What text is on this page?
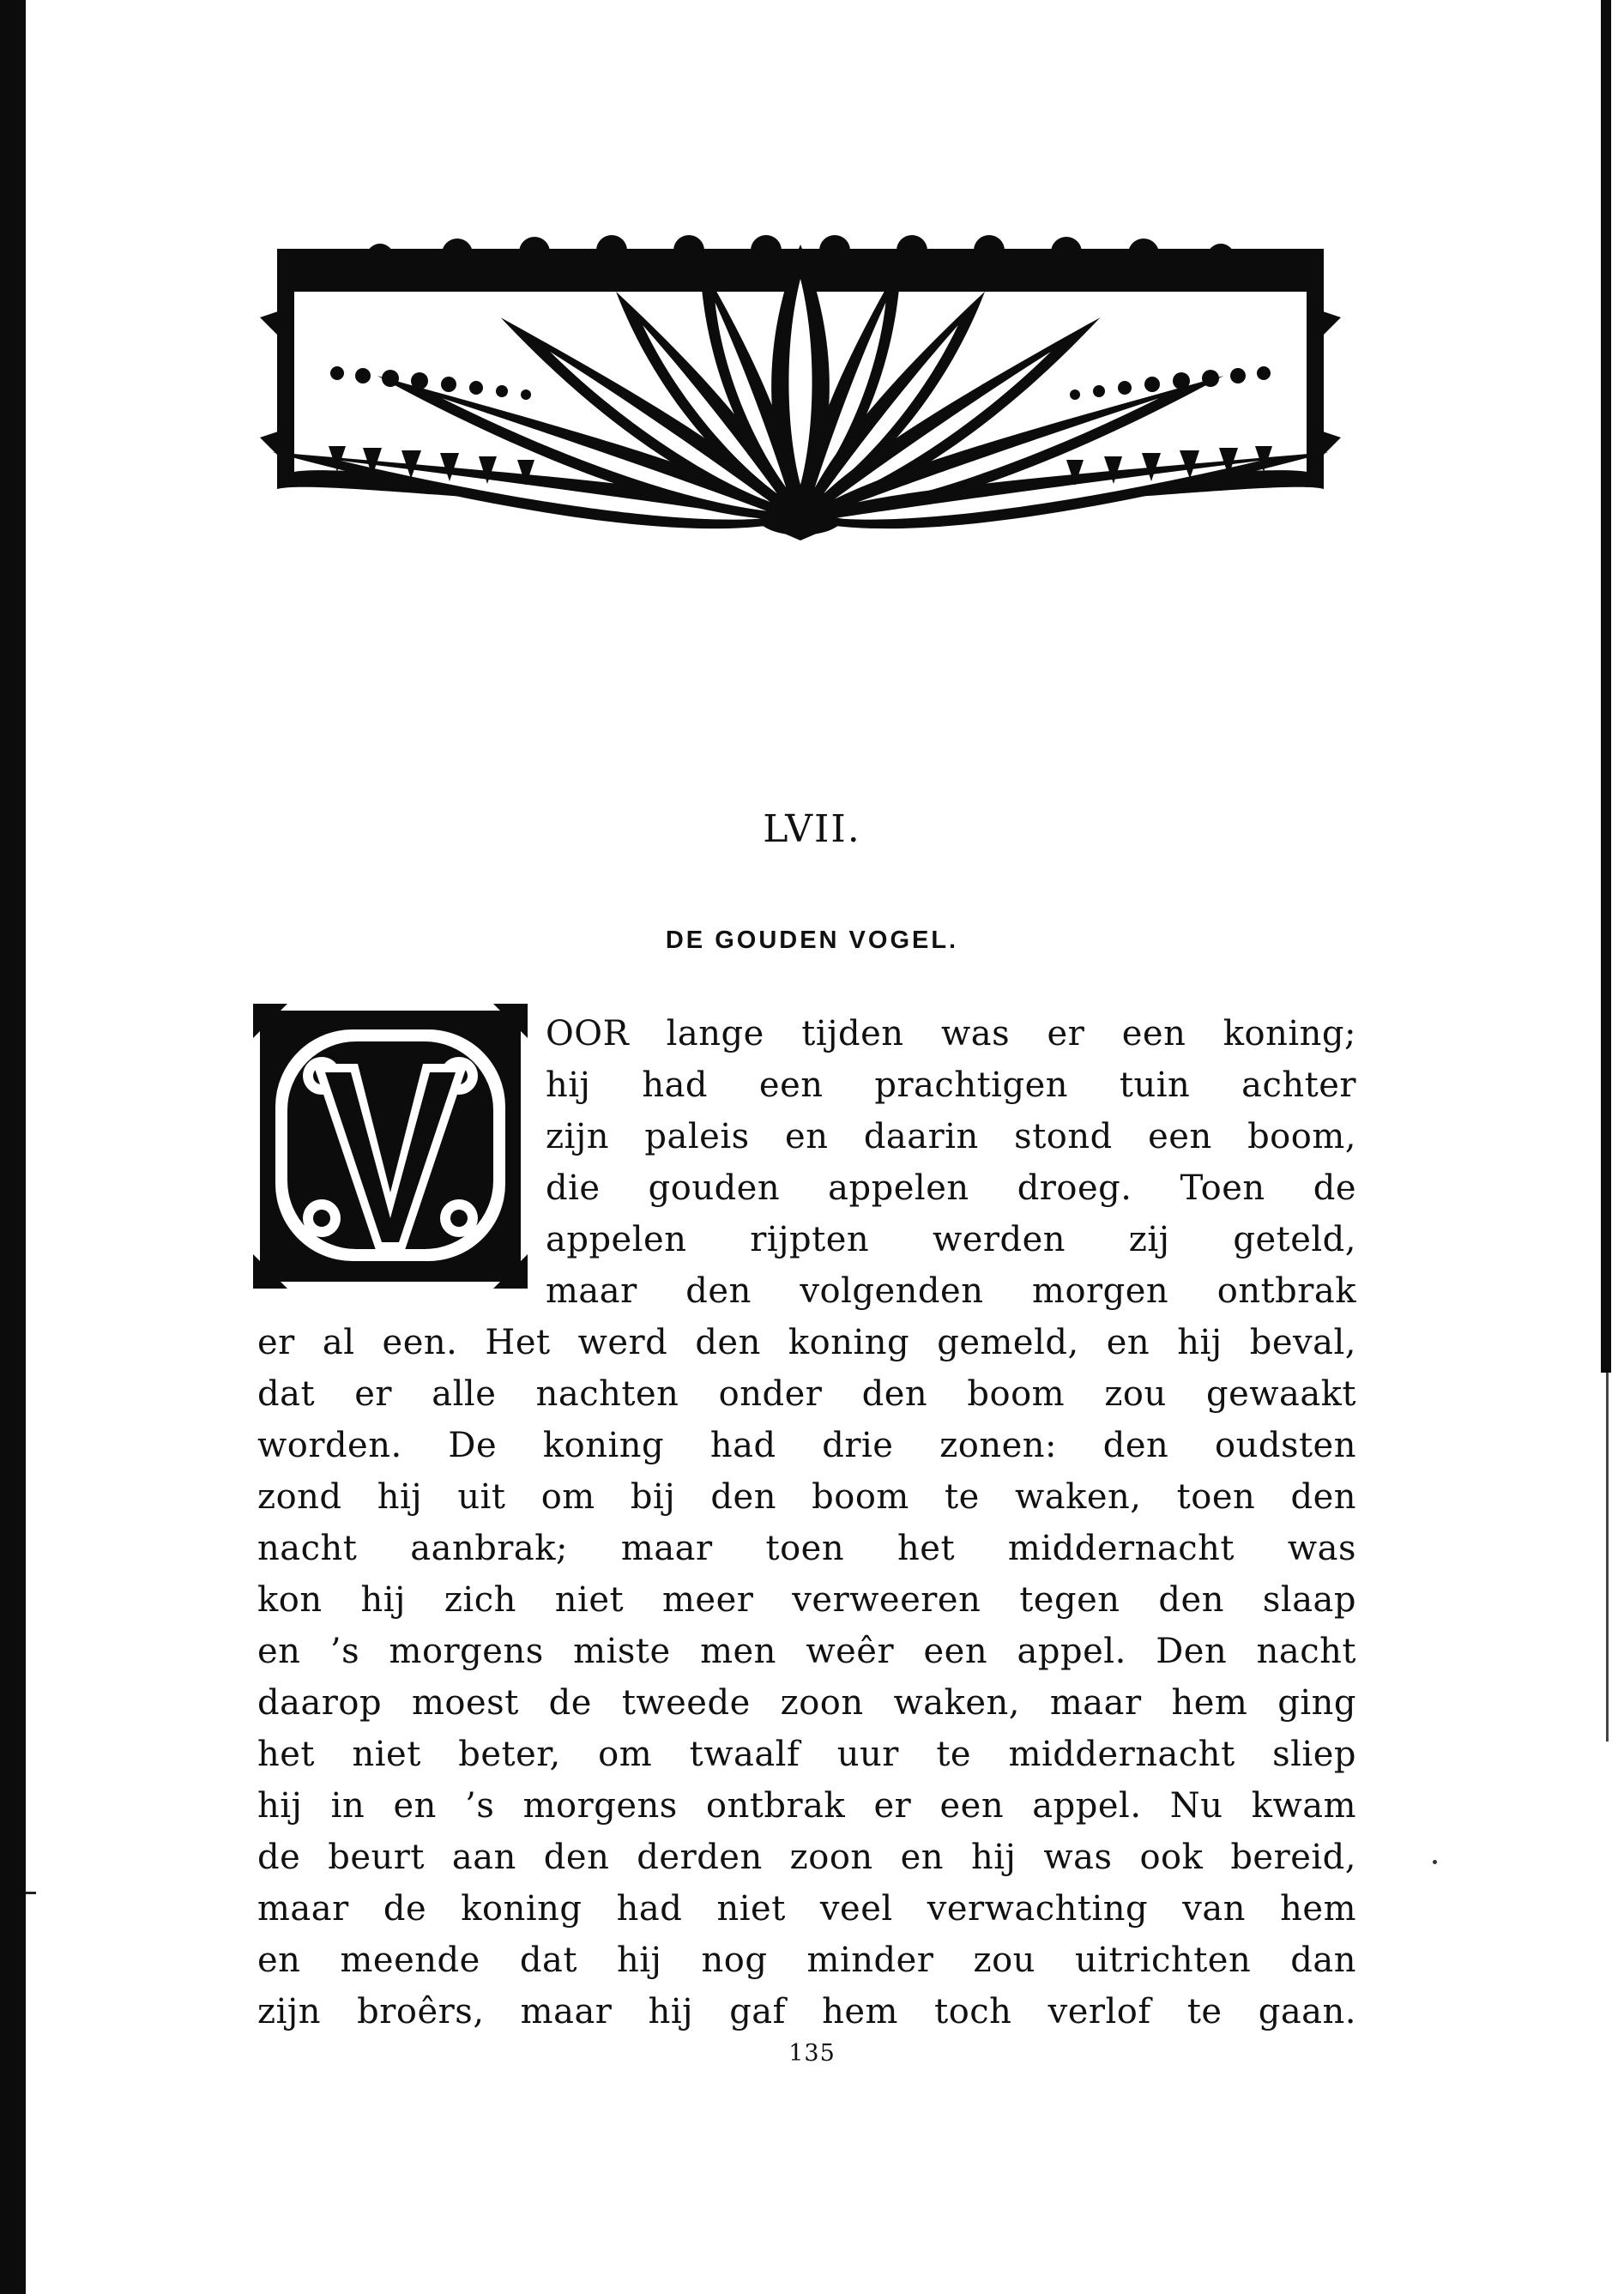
LVII.
DE GOUDEN VOGEL.
OOR lange tijden was er een koning;
hij had een prachtigen tuin achter
zijn paleis en daarin stond een boom,
die gouden appelen droeg. Toen de
appelen rijpten werden zij geteld,
maar den volgenden morgen ontbrak
er al een. Het werd den koning gemeld, en hij beval,
dat er alle nachten onder den boom zou gewaakt
worden. De koning had drie zonen: den oudsten
zond hij uit om bij den boom te waken, toen den
nacht aanbrak; maar toen het middernacht was
kon hij zich niet meer verweeren tegen den slaap
en ’s morgens miste men weêr een appel. Den nacht
daarop moest de tweede zoon waken, maar hem ging
het niet beter, om twaalf uur te middernacht sliep
hij in en ’s morgens ontbrak er een appel. Nu kwam
de beurt aan den derden zoon en hij was ook bereid,
maar de koning had niet veel verwachting van hem
en meende dat hij nog minder zou uitrichten dan
zijn broêrs, maar hij gaf hem toch verlof te gaan.
135
